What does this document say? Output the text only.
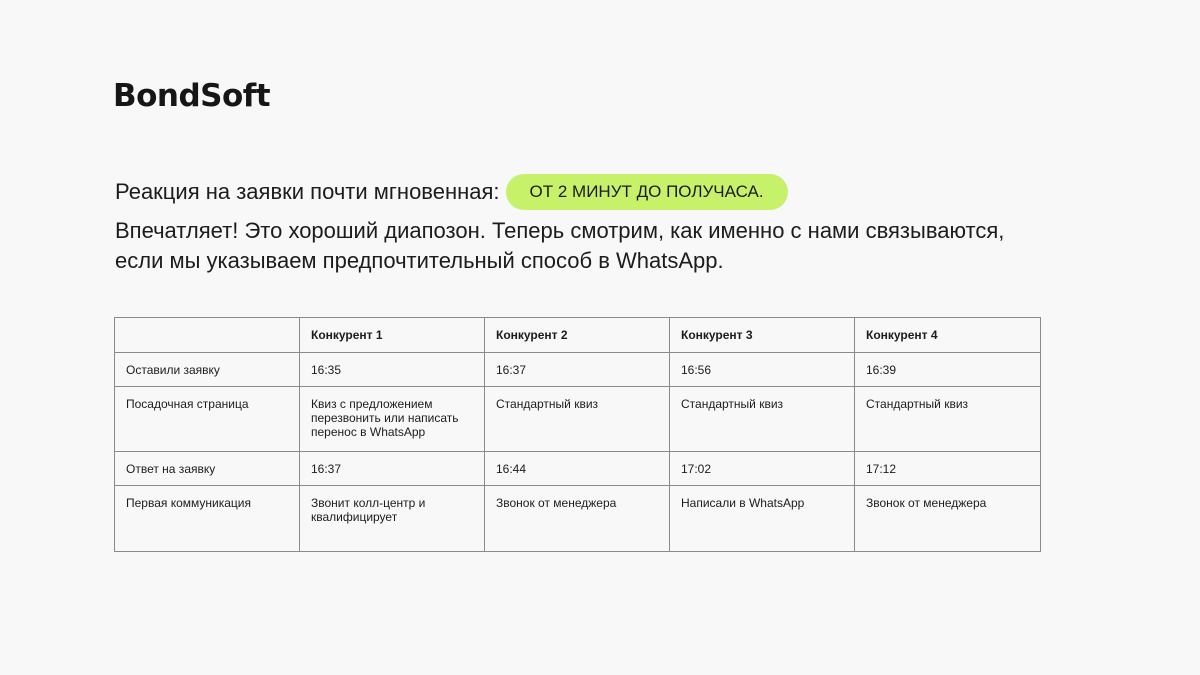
BondSoft
Реакция на заявки почти мгновенная:	ОТ 2 МИНУТ ДО ПОЛУЧАСА.

Впечатляет! Это хороший диапозон. Теперь смотрим, как именно с нами связываются, если мы указываем предпочтительный способ в WhatsApp.

	Конкурент 1	Конкурент 2	Конкурент 3	Конкурент 4
Оставили заявку	16:35	16:37	16:56	16:39
Посадочная страница	Квиз с предложением перезвонить или написать перенос в WhatsApp	Стандартный квиз	Стандартный квиз	Стандартный квиз
Ответ на заявку	16:37	16:44	17:02	17:12
Первая коммуникация	Звонит колл-центр и квалифицирует	Звонок от менеджера	Написали в WhatsApp	Звонок от менеджера
